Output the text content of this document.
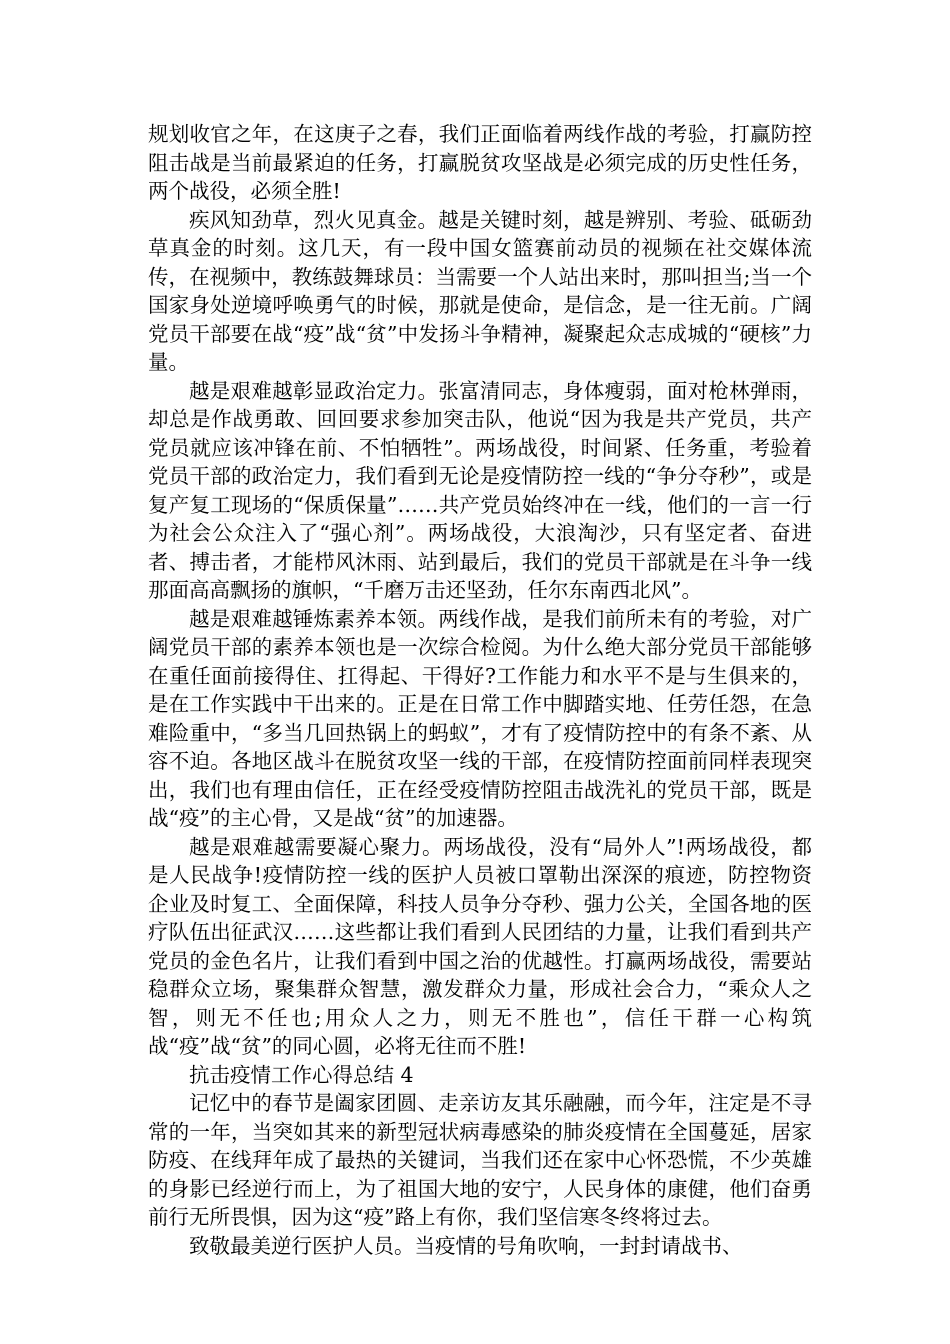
规划收官之年，在这庚子之春，我们正面临着两线作战的考验，打赢防控阻击战是当前最紧迫的任务，打赢脱贫攻坚战是必须完成的历史性任务，两个战役，必须全胜!

疾风知劲草，烈火见真金。越是关键时刻，越是辨别、考验、砥砺劲草真金的时刻。这几天，有一段中国女篮赛前动员的视频在社交媒体流传，在视频中，教练鼓舞球员：当需要一个人站出来时，那叫担当;当一个国家身处逆境呼唤勇气的时候，那就是使命，是信念，是一往无前。广阔党员干部要在战“疫”战“贫”中发扬斗争精神，凝聚起众志成城的“硬核”力量。

越是艰难越彰显政治定力。张富清同志，身体瘦弱，面对枪林弹雨，却总是作战勇敢、回回要求参加突击队，他说“因为我是共产党员，共产党员就应该冲锋在前、不怕牺牲”。两场战役，时间紧、任务重，考验着党员干部的政治定力，我们看到无论是疫情防控一线的“争分夺秒”，或是复产复工现场的“保质保量”……共产党员始终冲在一线，他们的一言一行为社会公众注入了“强心剂”。两场战役，大浪淘沙，只有坚定者、奋进者、搏击者，才能栉风沐雨、站到最后，我们的党员干部就是在斗争一线那面高高飘扬的旗帜，“千磨万击还坚劲，任尔东南西北风”。

越是艰难越锤炼素养本领。两线作战，是我们前所未有的考验，对广阔党员干部的素养本领也是一次综合检阅。为什么绝大部分党员干部能够在重任面前接得住、扛得起、干得好?工作能力和水平不是与生俱来的，是在工作实践中干出来的。正是在日常工作中脚踏实地、任劳任怨，在急难险重中，“多当几回热锅上的蚂蚁”，才有了疫情防控中的有条不紊、从容不迫。各地区战斗在脱贫攻坚一线的干部，在疫情防控面前同样表现突出，我们也有理由信任，正在经受疫情防控阻击战洗礼的党员干部，既是战“疫”的主心骨，又是战“贫”的加速器。

越是艰难越需要凝心聚力。两场战役，没有“局外人”!两场战役，都是人民战争!疫情防控一线的医护人员被口罩勒出深深的痕迹，防控物资企业及时复工、全面保障，科技人员争分夺秒、强力公关，全国各地的医疗队伍出征武汉……这些都让我们看到人民团结的力量，让我们看到共产党员的金色名片，让我们看到中国之治的优越性。打赢两场战役，需要站稳群众立场，聚集群众智慧，激发群众力量，形成社会合力，“乘众人之智，则无不任也;用众人之力，则无不胜也”，信任干群一心构筑战“疫”战“贫”的同心圆，必将无往而不胜!

抗击疫情工作心得总结 4

记忆中的春节是阖家团圆、走亲访友其乐融融，而今年，注定是不寻常的一年，当突如其来的新型冠状病毒感染的肺炎疫情在全国蔓延，居家防疫、在线拜年成了最热的关键词，当我们还在家中心怀恐慌，不少英雄的身影已经逆行而上，为了祖国大地的安宁，人民身体的康健，他们奋勇前行无所畏惧，因为这“疫”路上有你，我们坚信寒冬终将过去。

致敬最美逆行医护人员。当疫情的号角吹响，一封封请战书、
